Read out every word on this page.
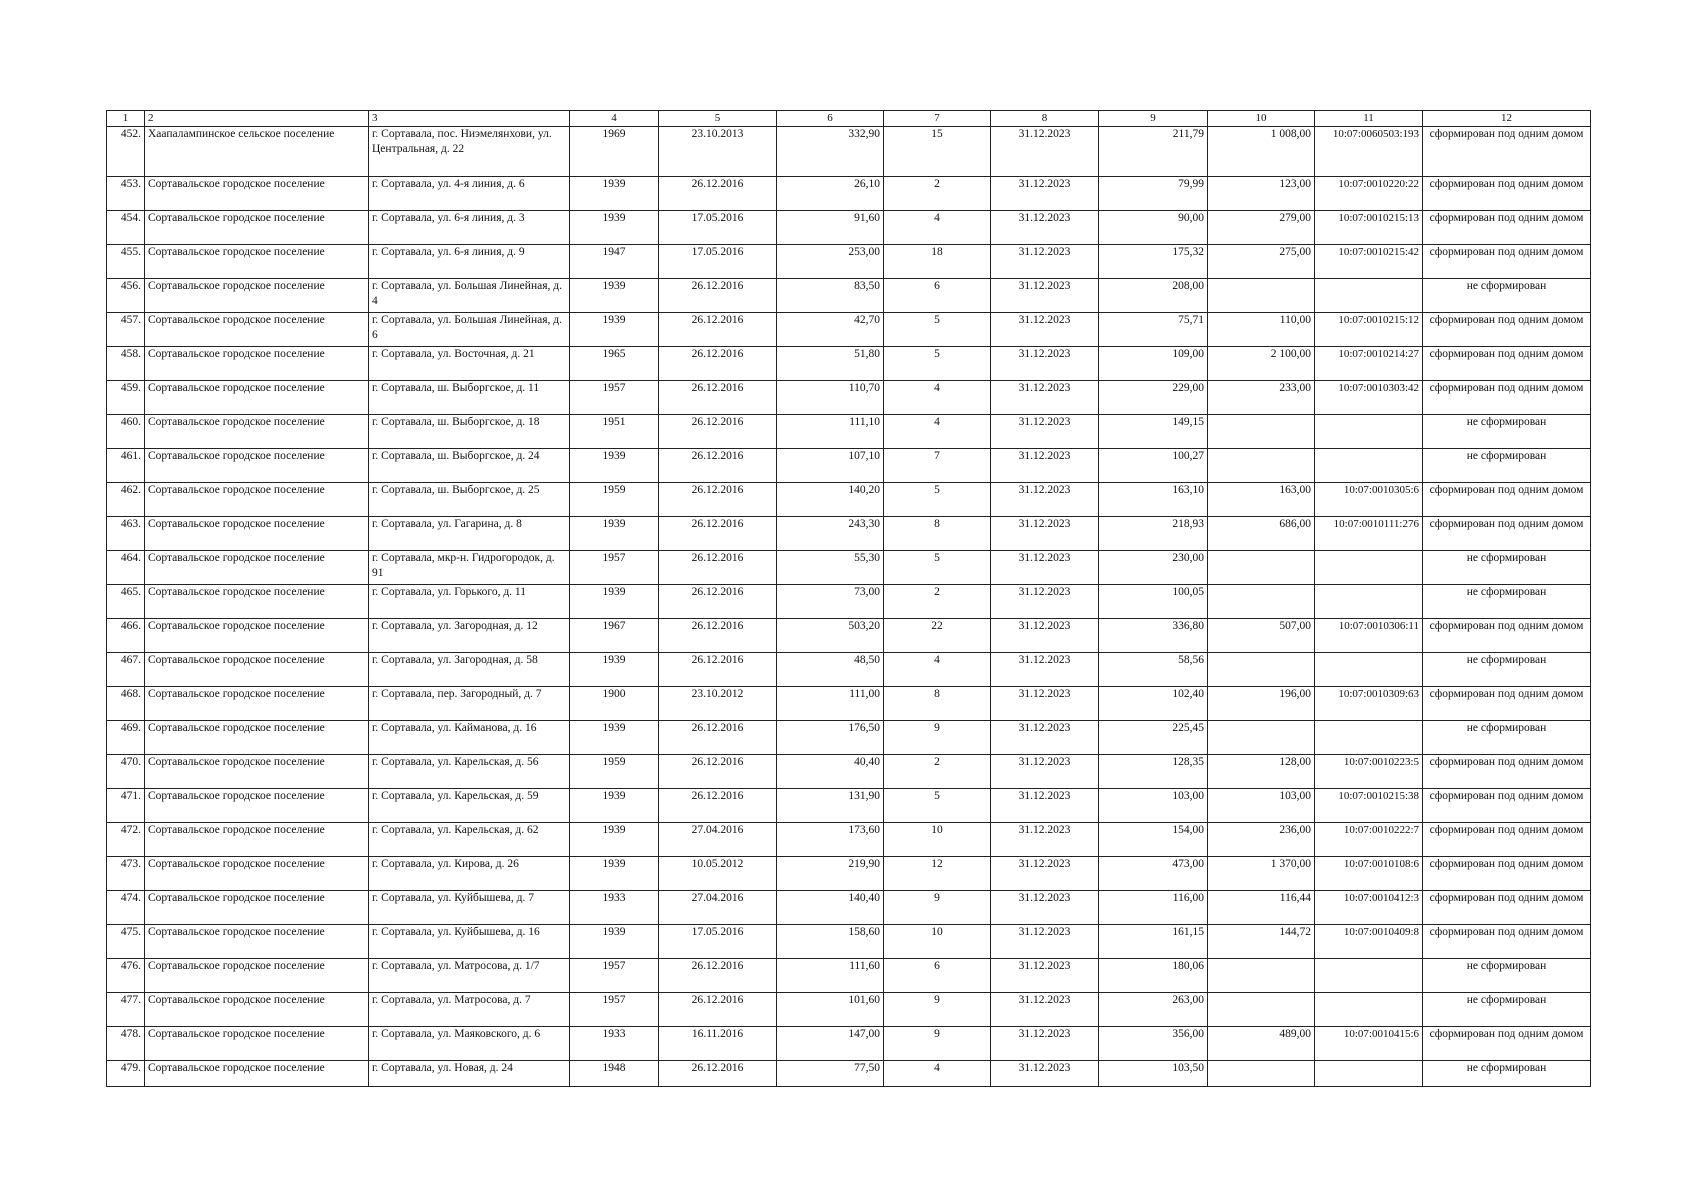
1	2	3	4	5	6	7	8	9	10	11	12
452.	Хаапалампинское сельское поселение	г. Сортавала, пос. Ниэмелянхови, ул. Центральная, д. 22	1969	23.10.2013	332,90	15	31.12.2023	211,79	1 008,00	10:07:0060503:193	сформирован под одним домом
453.	Сортавальское городское поселение	г. Сортавала, ул. 4-я линия, д. 6	1939	26.12.2016	26,10	2	31.12.2023	79,99	123,00	10:07:0010220:22	сформирован под одним домом
454.	Сортавальское городское поселение	г. Сортавала, ул. 6-я линия, д. 3	1939	17.05.2016	91,60	4	31.12.2023	90,00	279,00	10:07:0010215:13	сформирован под одним домом
455.	Сортавальское городское поселение	г. Сортавала, ул. 6-я линия, д. 9	1947	17.05.2016	253,00	18	31.12.2023	175,32	275,00	10:07:0010215:42	сформирован под одним домом
456.	Сортавальское городское поселение	г. Сортавала, ул. Большая Линейная, д. 4	1939	26.12.2016	83,50	6	31.12.2023	208,00			не сформирован
457.	Сортавальское городское поселение	г. Сортавала, ул. Большая Линейная, д. 6	1939	26.12.2016	42,70	5	31.12.2023	75,71	110,00	10:07:0010215:12	сформирован под одним домом
458.	Сортавальское городское поселение	г. Сортавала, ул. Восточная, д. 21	1965	26.12.2016	51,80	5	31.12.2023	109,00	2 100,00	10:07:0010214:27	сформирован под одним домом
459.	Сортавальское городское поселение	г. Сортавала, ш. Выборгское, д. 11	1957	26.12.2016	110,70	4	31.12.2023	229,00	233,00	10:07:0010303:42	сформирован под одним домом
460.	Сортавальское городское поселение	г. Сортавала, ш. Выборгское, д. 18	1951	26.12.2016	111,10	4	31.12.2023	149,15			не сформирован
461.	Сортавальское городское поселение	г. Сортавала, ш. Выборгское, д. 24	1939	26.12.2016	107,10	7	31.12.2023	100,27			не сформирован
462.	Сортавальское городское поселение	г. Сортавала, ш. Выборгское, д. 25	1959	26.12.2016	140,20	5	31.12.2023	163,10	163,00	10:07:0010305:6	сформирован под одним домом
463.	Сортавальское городское поселение	г. Сортавала, ул. Гагарина, д. 8	1939	26.12.2016	243,30	8	31.12.2023	218,93	686,00	10:07:0010111:276	сформирован под одним домом
464.	Сортавальское городское поселение	г. Сортавала, мкр-н. Гидрогородок, д. 91	1957	26.12.2016	55,30	5	31.12.2023	230,00			не сформирован
465.	Сортавальское городское поселение	г. Сортавала, ул. Горького, д. 11	1939	26.12.2016	73,00	2	31.12.2023	100,05			не сформирован
466.	Сортавальское городское поселение	г. Сортавала, ул. Загородная, д. 12	1967	26.12.2016	503,20	22	31.12.2023	336,80	507,00	10:07:0010306:11	сформирован под одним домом
467.	Сортавальское городское поселение	г. Сортавала, ул. Загородная, д. 58	1939	26.12.2016	48,50	4	31.12.2023	58,56			не сформирован
468.	Сортавальское городское поселение	г. Сортавала, пер. Загородный, д. 7	1900	23.10.2012	111,00	8	31.12.2023	102,40	196,00	10:07:0010309:63	сформирован под одним домом
469.	Сортавальское городское поселение	г. Сортавала, ул. Кайманова, д. 16	1939	26.12.2016	176,50	9	31.12.2023	225,45			не сформирован
470.	Сортавальское городское поселение	г. Сортавала, ул. Карельская, д. 56	1959	26.12.2016	40,40	2	31.12.2023	128,35	128,00	10:07:0010223:5	сформирован под одним домом
471.	Сортавальское городское поселение	г. Сортавала, ул. Карельская, д. 59	1939	26.12.2016	131,90	5	31.12.2023	103,00	103,00	10:07:0010215:38	сформирован под одним домом
472.	Сортавальское городское поселение	г. Сортавала, ул. Карельская, д. 62	1939	27.04.2016	173,60	10	31.12.2023	154,00	236,00	10:07:0010222:7	сформирован под одним домом
473.	Сортавальское городское поселение	г. Сортавала, ул. Кирова, д. 26	1939	10.05.2012	219,90	12	31.12.2023	473,00	1 370,00	10:07:0010108:6	сформирован под одним домом
474.	Сортавальское городское поселение	г. Сортавала, ул. Куйбышева, д. 7	1933	27.04.2016	140,40	9	31.12.2023	116,00	116,44	10:07:0010412:3	сформирован под одним домом
475.	Сортавальское городское поселение	г. Сортавала, ул. Куйбышева, д. 16	1939	17.05.2016	158,60	10	31.12.2023	161,15	144,72	10:07:0010409:8	сформирован под одним домом
476.	Сортавальское городское поселение	г. Сортавала, ул. Матросова, д. 1/7	1957	26.12.2016	111,60	6	31.12.2023	180,06			не сформирован
477.	Сортавальское городское поселение	г. Сортавала, ул. Матросова, д. 7	1957	26.12.2016	101,60	9	31.12.2023	263,00			не сформирован
478.	Сортавальское городское поселение	г. Сортавала, ул. Маяковского, д. 6	1933	16.11.2016	147,00	9	31.12.2023	356,00	489,00	10:07:0010415:6	сформирован под одним домом
479.	Сортавальское городское поселение	г. Сортавала, ул. Новая, д. 24	1948	26.12.2016	77,50	4	31.12.2023	103,50			не сформирован
